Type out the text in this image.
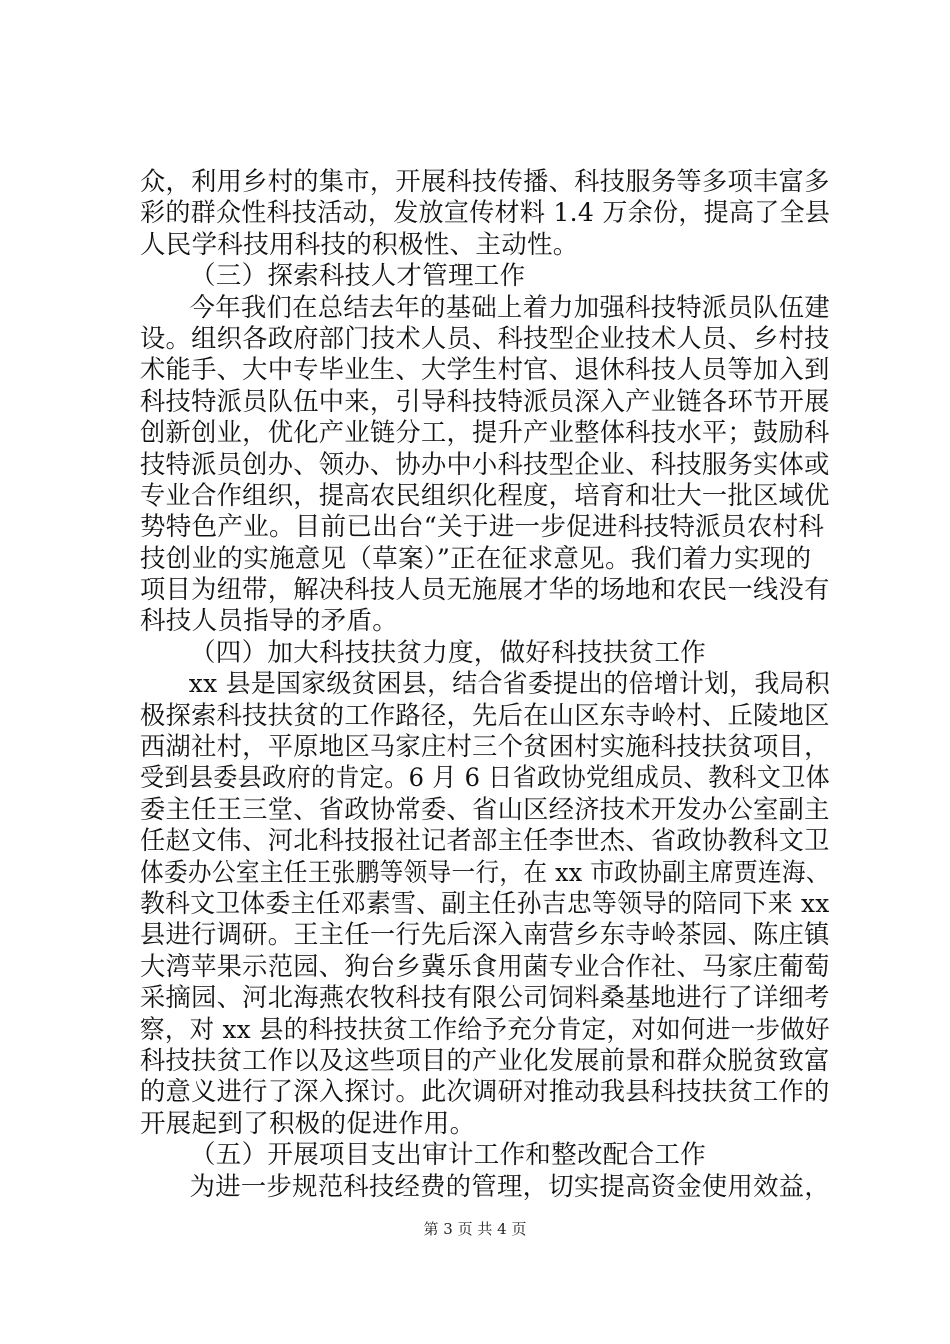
众，利用乡村的集市，开展科技传播、科技服务等多项丰富多
彩的群众性科技活动，发放宣传材料 1.4 万余份，提高了全县
人民学科技用科技的积极性、主动性。
（三）探索科技人才管理工作
今年我们在总结去年的基础上着力加强科技特派员队伍建
设。组织各政府部门技术人员、科技型企业技术人员、乡村技
术能手、大中专毕业生、大学生村官、退休科技人员等加入到
科技特派员队伍中来，引导科技特派员深入产业链各环节开展
创新创业，优化产业链分工，提升产业整体科技水平；鼓励科
技特派员创办、领办、协办中小科技型企业、科技服务实体或
专业合作组织，提高农民组织化程度，培育和壮大一批区域优
势特色产业。目前已出台“关于进一步促进科技特派员农村科
技创业的实施意见（草案）”正在征求意见。我们着力实现的
项目为纽带，解决科技人员无施展才华的场地和农民一线没有
科技人员指导的矛盾。
（四）加大科技扶贫力度，做好科技扶贫工作
xx 县是国家级贫困县，结合省委提出的倍增计划，我局积
极探索科技扶贫的工作路径，先后在山区东寺岭村、丘陵地区
西湖社村，平原地区马家庄村三个贫困村实施科技扶贫项目，
受到县委县政府的肯定。6 月 6 日省政协党组成员、教科文卫体
委主任王三堂、省政协常委、省山区经济技术开发办公室副主
任赵文伟、河北科技报社记者部主任李世杰、省政协教科文卫
体委办公室主任王张鹏等领导一行，在 xx 市政协副主席贾连海、
教科文卫体委主任邓素雪、副主任孙吉忠等领导的陪同下来 xx
县进行调研。王主任一行先后深入南营乡东寺岭茶园、陈庄镇
大湾苹果示范园、狗台乡冀乐食用菌专业合作社、马家庄葡萄
采摘园、河北海燕农牧科技有限公司饲料桑基地进行了详细考
察，对 xx 县的科技扶贫工作给予充分肯定，对如何进一步做好
科技扶贫工作以及这些项目的产业化发展前景和群众脱贫致富
的意义进行了深入探讨。此次调研对推动我县科技扶贫工作的
开展起到了积极的促进作用。
（五）开展项目支出审计工作和整改配合工作
为进一步规范科技经费的管理，切实提高资金使用效益，
第 3 页 共 4 页
